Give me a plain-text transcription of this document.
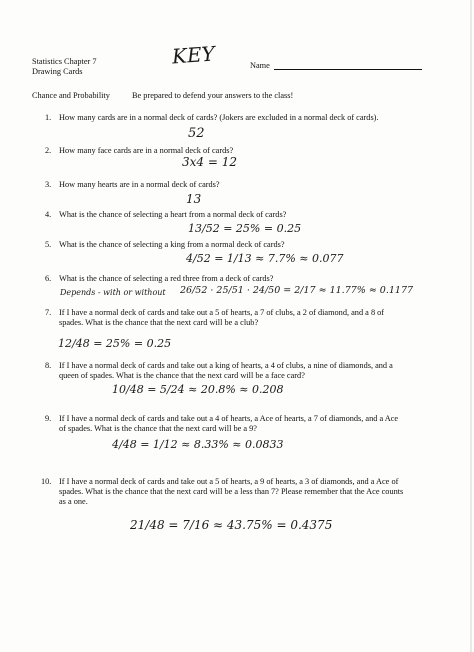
Statistics Chapter 7
Drawing Cards
KEY	Name
Chance and Probability	Be prepared to defend your answers to the class!
1. How many cards are in a normal deck of cards? (Jokers are excluded in a normal deck of cards).
52
2. How many face cards are in a normal deck of cards?
3x4 = 12
3. How many hearts are in a normal deck of cards?
13
4. What is the chance of selecting a heart from a normal deck of cards?
13/52 = 25% = 0.25
5. What is the chance of selecting a king from a normal deck of cards?
4/52 = 1/13 ≈ 7.7% ≈ 0.077
6. What is the chance of selecting a red three from a deck of cards?
Depends - with or without 26/52 · 25/51 · 24/50 = 2/17 ≈ 11.77% ≈ 0.1177
7. If I have a normal deck of cards and take out a 5 of hearts, a 7 of clubs, a 2 of diamond, and a 8 of
spades. What is the chance that the next card will be a club?
12/48 = 25% = 0.25
8. If I have a normal deck of cards and take out a king of hearts, a 4 of clubs, a nine of diamonds, and a
queen of spades. What is the chance that the next card will be a face card?
10/48 = 5/24 ≈ 20.8% ≈ 0.208
9. If I have a normal deck of cards and take out a 4 of hearts, a Ace of hearts, a 7 of diamonds, and a Ace
of spades. What is the chance that the next card will be a 9?
4/48 = 1/12 ≈ 8.33% ≈ 0.0833
10. If I have a normal deck of cards and take out a 5 of hearts, a 9 of hearts, a 3 of diamonds, and a Ace of
spades. What is the chance that the next card will be a less than 7? Please remember that the Ace counts
as a one.
21/48 = 7/16 ≈ 43.75% = 0.4375
